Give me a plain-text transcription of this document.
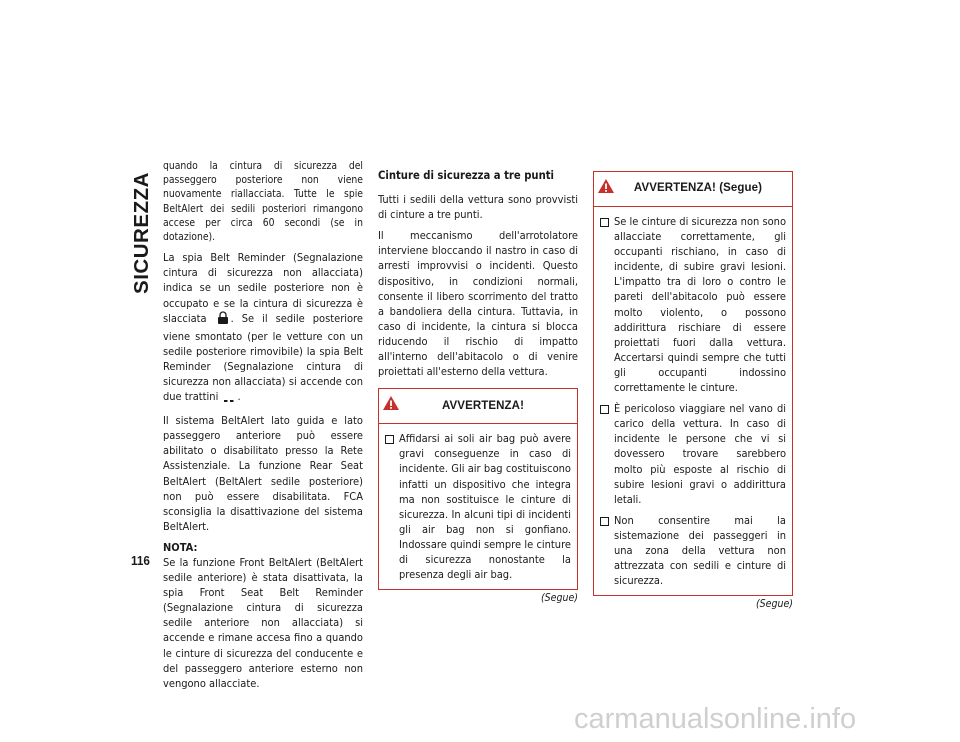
SICUREZZA
116

quando la cintura di sicurezza del passeggero posteriore non viene nuovamente riallacciata. Tutte le spie BeltAlert dei sedili posteriori rimangono accese per circa 60 secondi (se in dotazione).

La spia Belt Reminder (Segnalazione cintura di sicurezza non allacciata) indica se un sedile posteriore non è occupato e se la cintura di sicurezza è slacciata . Se il sedile posteriore viene smontato (per le vetture con un sedile posteriore rimovibile) la spia Belt Reminder (Segnalazione cintura di sicurezza non allacciata) si accende con due trattini .

Il sistema BeltAlert lato guida e lato passeggero anteriore può essere abilitato o disabilitato presso la Rete Assistenziale. La funzione Rear Seat BeltAlert (BeltAlert sedile posteriore) non può essere disabilitata. FCA sconsiglia la disattivazione del sistema BeltAlert.

NOTA:

Se la funzione Front BeltAlert (BeltAlert sedile anteriore) è stata disattivata, la spia Front Seat Belt Reminder (Segnalazione cintura di sicurezza sedile anteriore non allacciata) si accende e rimane accesa fino a quando le cinture di sicurezza del conducente e del passeggero anteriore esterno non vengono allacciate.

Cinture di sicurezza a tre punti

Tutti i sedili della vettura sono provvisti di cinture a tre punti.

Il meccanismo dell'arrotolatore interviene bloccando il nastro in caso di arresti improvvisi o incidenti. Questo dispositivo, in condizioni normali, consente il libero scorrimento del tratto a bandoliera della cintura. Tuttavia, in caso di incidente, la cintura si blocca riducendo il rischio di impatto all'interno dell'abitacolo o di venire proiettati all'esterno della vettura.

AVVERTENZA!
Affidarsi ai soli air bag può avere gravi conseguenze in caso di incidente. Gli air bag costituiscono infatti un dispositivo che integra ma non sostituisce le cinture di sicurezza. In alcuni tipi di incidenti gli air bag non si gonfiano. Indossare quindi sempre le cinture di sicurezza nonostante la presenza degli air bag.
(Segue)
AVVERTENZA! (Segue)
Se le cinture di sicurezza non sono allacciate correttamente, gli occupanti rischiano, in caso di incidente, di subire gravi lesioni. L'impatto tra di loro o contro le pareti dell'abitacolo può essere molto violento, o possono addirittura rischiare di essere proiettati fuori dalla vettura. Accertarsi quindi sempre che tutti gli occupanti indossino correttamente le cinture.
È pericoloso viaggiare nel vano di carico della vettura. In caso di incidente le persone che vi si dovessero trovare sarebbero molto più esposte al rischio di subire lesioni gravi o addirittura letali.
Non consentire mai la sistemazione dei passeggeri in una zona della vettura non attrezzata con sedili e cinture di sicurezza.
(Segue)
carmanualsonline.info
